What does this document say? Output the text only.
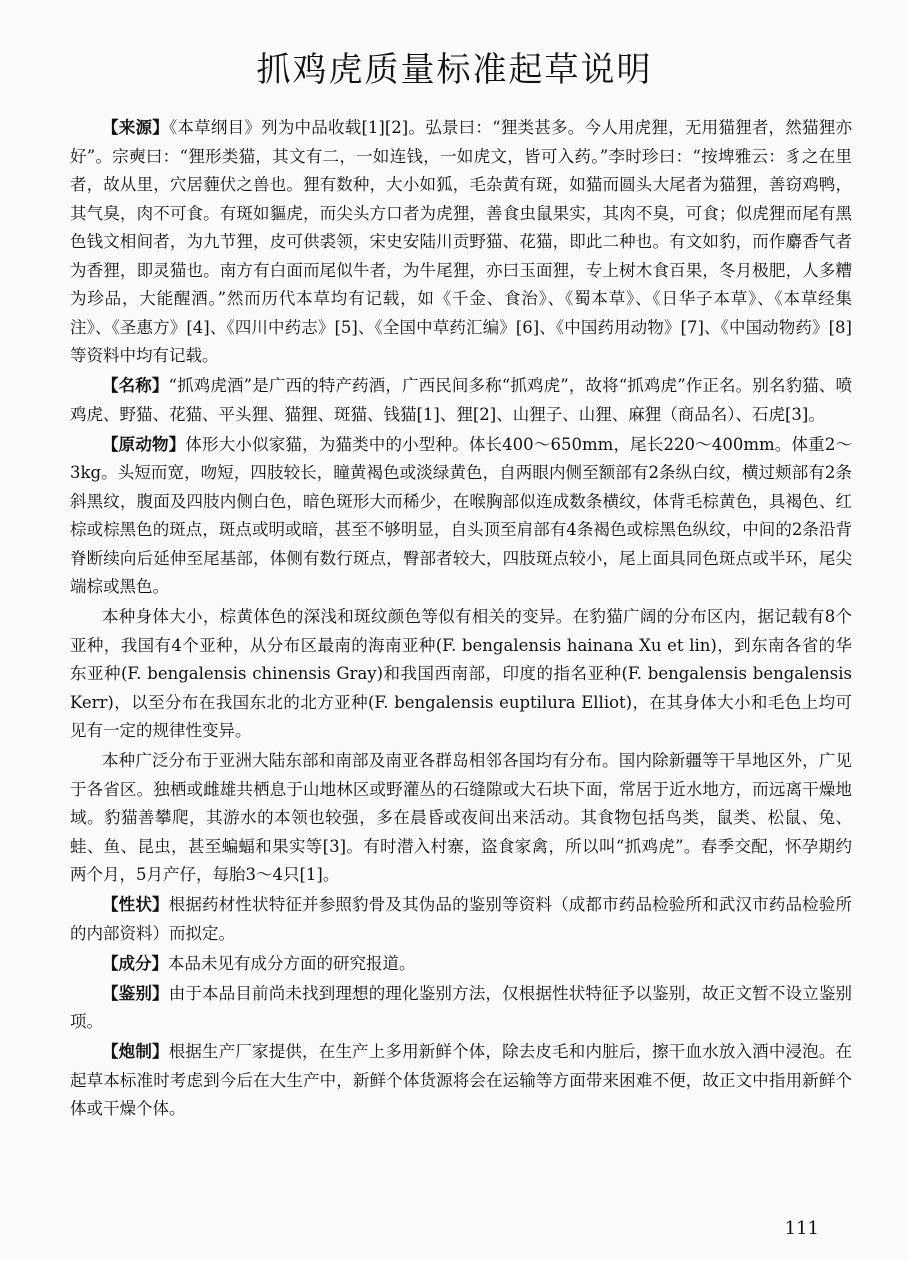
抓鸡虎质量标准起草说明

【来源】《本草纲目》列为中品收载[1][2]。弘景曰：“狸类甚多。今人用虎狸，无用猫狸者，然猫狸亦好”。宗奭曰：“狸形类猫，其文有二，一如连钱，一如虎文，皆可入药。”李时珍曰：“按埤雅云：豸之在里者，故从里，穴居薶伏之兽也。狸有数种，大小如狐，毛杂黄有斑，如猫而圆头大尾者为猫狸，善窃鸡鸭，其气臭，肉不可食。有斑如貙虎，而尖头方口者为虎狸，善食虫鼠果实，其肉不臭，可食；似虎狸而尾有黑色钱文相间者，为九节狸，皮可供裘领，宋史安陆川贡野猫、花猫，即此二种也。有文如豹，而作麝香气者为香狸，即灵猫也。南方有白面而尾似牛者，为牛尾狸，亦曰玉面狸，专上树木食百果，冬月极肥，人多糟为珍品，大能醒酒。”然而历代本草均有记载，如《千金、食治》、《蜀本草》、《日华子本草》、《本草经集注》、《圣惠方》[4]、《四川中药志》[5]、《全国中草药汇编》[6]、《中国药用动物》[7]、《中国动物药》[8]等资料中均有记载。

【名称】“抓鸡虎酒”是广西的特产药酒，广西民间多称“抓鸡虎”，故将“抓鸡虎”作正名。别名豹猫、喷鸡虎、野猫、花猫、平头狸、猫狸、斑猫、钱猫[1]、狸[2]、山狸子、山狸、麻狸（商品名）、石虎[3]。

【原动物】体形大小似家猫，为猫类中的小型种。体长400～650mm，尾长220～400mm。体重2～3kg。头短而宽，吻短，四肢较长，瞳黄褐色或淡绿黄色，自两眼内侧至额部有2条纵白纹，横过颊部有2条斜黑纹，腹面及四肢内侧白色，暗色斑形大而稀少，在喉胸部似连成数条横纹，体背毛棕黄色，具褐色、红棕或棕黑色的斑点，斑点或明或暗，甚至不够明显，自头顶至肩部有4条褐色或棕黑色纵纹，中间的2条沿背脊断续向后延伸至尾基部，体侧有数行斑点，臀部者较大，四肢斑点较小，尾上面具同色斑点或半环，尾尖端棕或黑色。

本种身体大小，棕黄体色的深浅和斑纹颜色等似有相关的变异。在豹猫广阔的分布区内，据记载有8个亚种，我国有4个亚种，从分布区最南的海南亚种(F. bengalensis hainana Xu et lin)，到东南各省的华东亚种(F. bengalensis chinensis Gray)和我国西南部，印度的指名亚种(F. bengalensis bengalensis Kerr)，以至分布在我国东北的北方亚种(F. bengalensis euptilura Elliot)，在其身体大小和毛色上均可见有一定的规律性变异。

本种广泛分布于亚洲大陆东部和南部及南亚各群岛相邻各国均有分布。国内除新疆等干旱地区外，广见于各省区。独栖或雌雄共栖息于山地林区或野灌丛的石缝隙或大石块下面，常居于近水地方，而远离干燥地域。豹猫善攀爬，其游水的本领也较强，多在晨昏或夜间出来活动。其食物包括鸟类，鼠类、松鼠、兔、蛙、鱼、昆虫，甚至蝙蝠和果实等[3]。有时潜入村寨，盗食家禽，所以叫“抓鸡虎”。春季交配，怀孕期约两个月，5月产仔，每胎3～4只[1]。

【性状】根据药材性状特征并参照豹骨及其伪品的鉴别等资料（成都市药品检验所和武汉市药品检验所的内部资料）而拟定。

【成分】本品未见有成分方面的研究报道。

【鉴别】由于本品目前尚未找到理想的理化鉴别方法，仅根据性状特征予以鉴别，故正文暂不设立鉴别项。

【炮制】根据生产厂家提供，在生产上多用新鲜个体，除去皮毛和内脏后，擦干血水放入酒中浸泡。在起草本标准时考虑到今后在大生产中，新鲜个体货源将会在运输等方面带来困难不便，故正文中指用新鲜个体或干燥个体。

111
